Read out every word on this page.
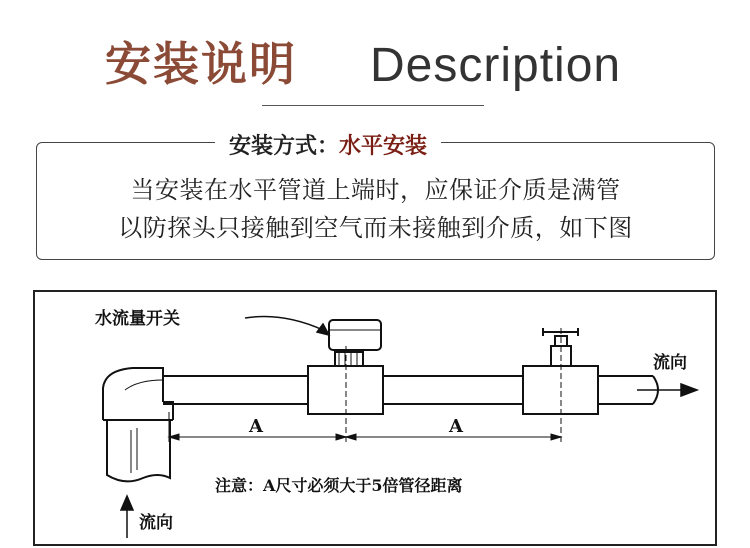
安装说明 Description
安装方式：水平安装
当安装在水平管道上端时，应保证介质是满管
以防探头只接触到空气而未接触到介质，如下图
A	A
水流量开关
流向
流向
注意：A尺寸必须大于5倍管径距离
